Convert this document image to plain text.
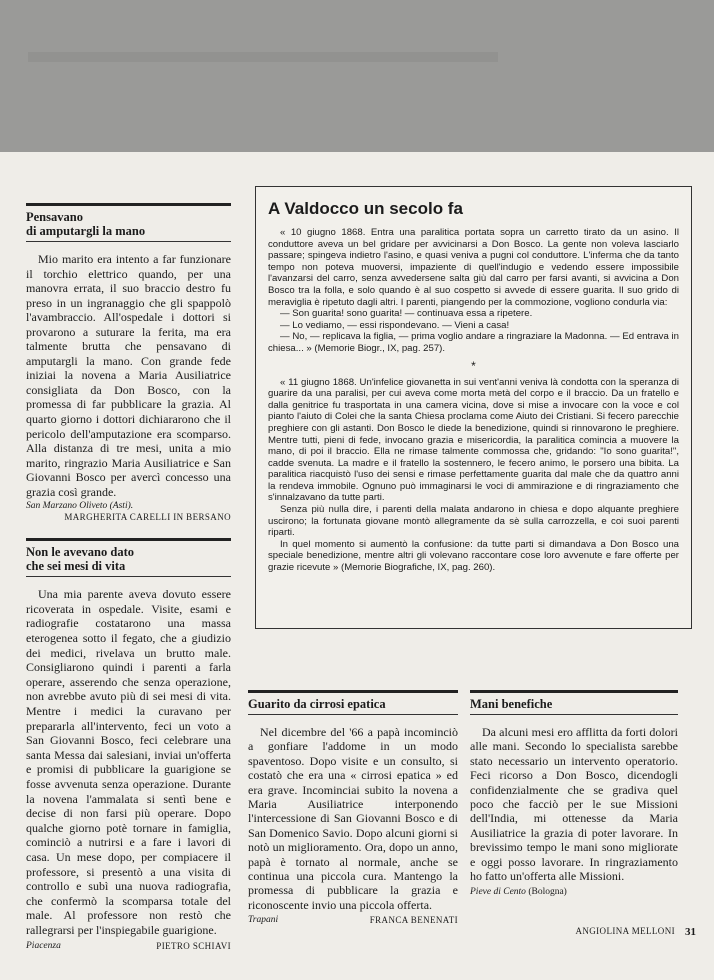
Pensavano
di amputargli la mano

Mio marito era intento a far funzionare il torchio elettrico quando, per una manovra errata, il suo braccio destro fu preso in un ingranaggio che gli spappolò l'avambraccio. All'ospedale i dottori si provarono a suturare la ferita, ma era talmente brutta che pensavano di amputargli la mano. Con grande fede iniziai la novena a Maria Ausiliatrice consigliata da Don Bosco, con la promessa di far pubblicare la grazia. Al quarto giorno i dottori dichiararono che il pericolo dell'amputazione era scomparso. Alla distanza di tre mesi, unita a mio marito, ringrazio Maria Ausiliatrice e San Giovanni Bosco per avercì concesso una grazia così grande.

San Marzano Oliveto (Asti).
MARGHERITA CARELLI IN BERSANO
Non le avevano dato
che sei mesi di vita

Una mia parente aveva dovuto essere ricoverata in ospedale. Visite, esami e radiografie costatarono una massa eterogenea sotto il fegato, che a giudizio dei medici, rivelava un brutto male. Consigliarono quindi i parenti a farla operare, asserendo che senza operazione, non avrebbe avuto più di sei mesi di vita. Mentre i medici la curavano per prepararla all'intervento, feci un voto a San Giovanni Bosco, feci celebrare una santa Messa dai salesiani, inviai un'offerta e promisi di pubblicare la guarigione se fosse avvenuta senza operazione. Durante la novena l'ammalata si sentì bene e decise di non farsi più operare. Dopo qualche giorno potè tornare in famiglia, cominciò a nutrirsi e a fare i lavori di casa. Un mese dopo, per compiacere il professore, si presentò a una visita di controllo e subì una nuova radiografia, che confermò la scomparsa totale del male. Al professore non restò che rallegrarsi per l'inspiegabile guarigione.

Piacenza	PIETRO SCHIAVI
A Valdocco un secolo fa

« 10 giugno 1868. Entra una paralitica portata sopra un carretto tirato da un asino. Il conduttore aveva un bel gridare per avvicinarsi a Don Bosco. La gente non voleva lasciarlo passare; spingeva indietro l'asino, e quasi veniva a pugni col conduttore. L'inferma che da tanto tempo non poteva muoversi, impaziente di quell'indugio e vedendo essere impossibile l'avanzarsi del carro, senza avvedersene salta giù dal carro per farsi avanti, si avvicina a Don Bosco tra la folla, e solo quando è al suo cospetto si avvede di essere guarita. Il suo grido di meraviglia è ripetuto dagli altri. I parenti, piangendo per la commozione, vogliono condurla via:

— Son guarita! sono guarita! — continuava essa a ripetere.

— Lo vediamo, — essi rispondevano. — Vieni a casa!

— No, — replicava la figlia, — prima voglio andare a ringraziare la Madonna. — Ed entrava in chiesa... » (Memorie Biogr., IX, pag. 257).

*

« 11 giugno 1868. Un'infelice giovanetta in sui vent'anni veniva là condotta con la speranza di guarire da una paralisi, per cui aveva come morta metà del corpo e il braccio. Da un fratello e dalla genitrice fu trasportata in una camera vicina, dove si mise a invocare con la voce e col pianto l'aiuto di Colei che la santa Chiesa proclama come Aiuto dei Cristiani. Si fecero parecchie preghiere con gli astanti. Don Bosco le diede la benedizione, quindi si rinnovarono le preghiere. Mentre tutti, pieni di fede, invocano grazia e misericordia, la paralitica comincia a muovere la mano, di poi il braccio. Ella ne rimase talmente commossa che, gridando: "Io sono guarita!", cadde svenuta. La madre e il fratello la sostennero, le fecero animo, le porsero una bibita. La paralitica riacquistò l'uso dei sensi e rimase perfettamente guarita dal male che da quattro anni la rendeva immobile. Ognuno può immaginarsi le voci di ammirazione e di ringraziamento che s'innalzavano da tutte parti.

Senza più nulla dire, i parenti della malata andarono in chiesa e dopo alquante preghiere uscirono; la fortunata giovane montò allegramente da sè sulla carrozzella, e coi suoi parenti riparti.

In quel momento si aumentò la confusione: da tutte parti si dimandava a Don Bosco una speciale benedizione, mentre altri gli volevano raccontare cose loro avvenute e fare offerte per grazie ricevute » (Memorie Biografiche, IX, pag. 260).

Guarito da cirrosi epatica

Nel dicembre del '66 a papà incominciò a gonfiare l'addome in un modo spaventoso. Dopo visite e un consulto, si costatò che era una « cirrosi epatica » ed era grave. Incominciai subito la novena a Maria Ausiliatrice interponendo l'intercessione di San Giovanni Bosco e di San Domenico Savio. Dopo alcuni giorni si notò un miglioramento. Ora, dopo un anno, papà è tornato al normale, anche se continua una piccola cura. Mantengo la promessa di pubblicare la grazia e riconoscente invio una piccola offerta.

Trapani	FRANCA BENENATI
Mani benefiche

Da alcuni mesi ero afflitta da forti dolori alle mani. Secondo lo specialista sarebbe stato necessario un intervento operatorio. Feci ricorso a Don Bosco, dicendogli confidenzialmente che se gradiva quel poco che facciò per le sue Missioni dell'India, mi ottenesse da Maria Ausiliatrice la grazia di poter lavorare. In brevissimo tempo le mani sono migliorate e oggi posso lavorare. In ringraziamento ho fatto un'offerta alle Missioni.

Pieve di Cento (Bologna)
ANGIOLINA MELLONI 31
